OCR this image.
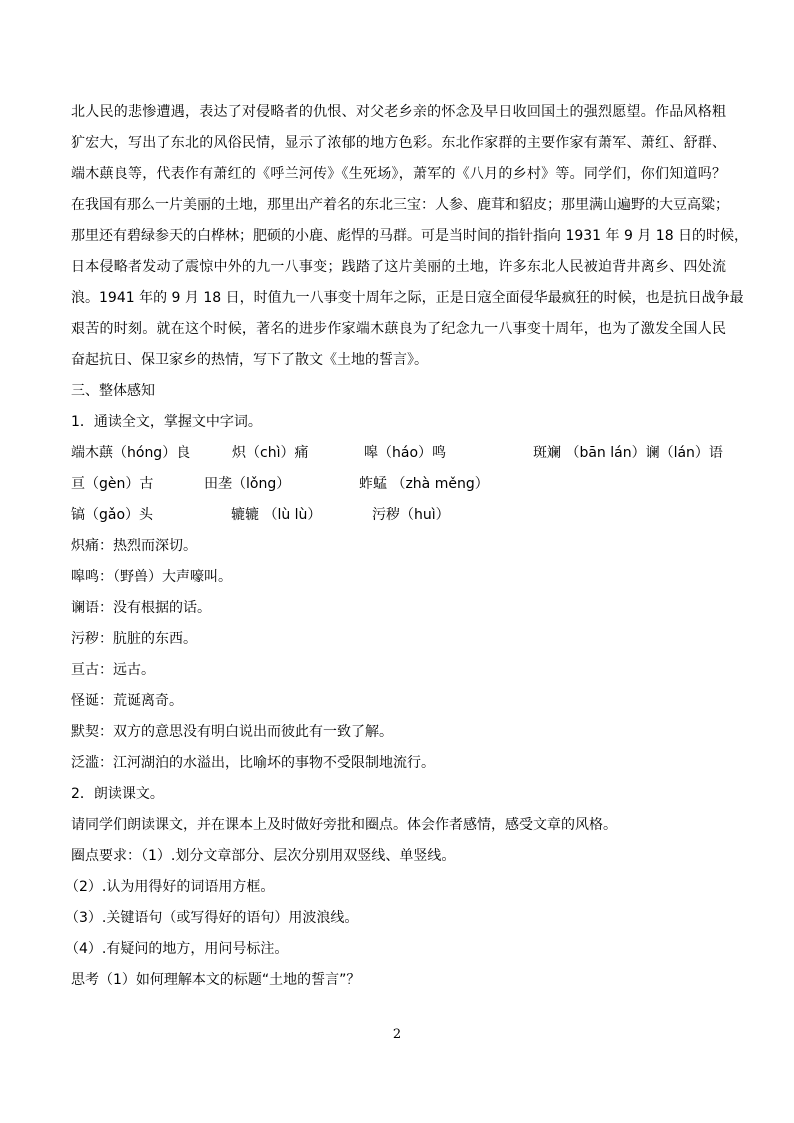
北人民的悲惨遭遇，表达了对侵略者的仇恨、对父老乡亲的怀念及早日收回国土的强烈愿望。作品风格粗
犷宏大，写出了东北的风俗民情，显示了浓郁的地方色彩。东北作家群的主要作家有萧军、萧红、舒群、
端木蕻良等，代表作有萧红的《呼兰河传》《生死场》，萧军的《八月的乡村》等。同学们，你们知道吗？
在我国有那么一片美丽的土地，那里出产着名的东北三宝：人参、鹿茸和貂皮；那里满山遍野的大豆高粱；
那里还有碧绿参天的白桦林；肥硕的小鹿、彪悍的马群。可是当时间的指针指向 1931 年 9 月 18 日的时候，
日本侵略者发动了震惊中外的九一八事变；践踏了这片美丽的土地，许多东北人民被迫背井离乡、四处流
浪。1941 年的 9 月 18 日，时值九一八事变十周年之际，正是日寇全面侵华最疯狂的时候，也是抗日战争最
艰苦的时刻。就在这个时候，著名的进步作家端木蕻良为了纪念九一八事变十周年，也为了激发全国人民
奋起抗日、保卫家乡的热情，写下了散文《土地的誓言》。
三、整体感知
1．通读全文，掌握文中字词。
端木蕻（hóng）良	炽（chì）痛	嗥（háo）鸣	斑斓 （bān lán）谰（lán）语
亘（gèn）古	田垄（lǒng）	蚱蜢 （zhà měng）
镐（gǎo）头	辘辘 （lù lù）	污秽（huì）
炽痛：热烈而深切。
嗥鸣：（野兽）大声嚎叫。
谰语：没有根据的话。
污秽：肮脏的东西。
亘古：远古。
怪诞：荒诞离奇。
默契：双方的意思没有明白说出而彼此有一致了解。
泛滥：江河湖泊的水溢出，比喻坏的事物不受限制地流行。
2．朗读课文。
请同学们朗读课文，并在课本上及时做好旁批和圈点。体会作者感情，感受文章的风格。
圈点要求：（1）.划分文章部分、层次分别用双竖线、单竖线。
（2）.认为用得好的词语用方框。
（3）.关键语句（或写得好的语句）用波浪线。
（4）.有疑问的地方，用问号标注。
思考（1）如何理解本文的标题“土地的誓言”？
2
